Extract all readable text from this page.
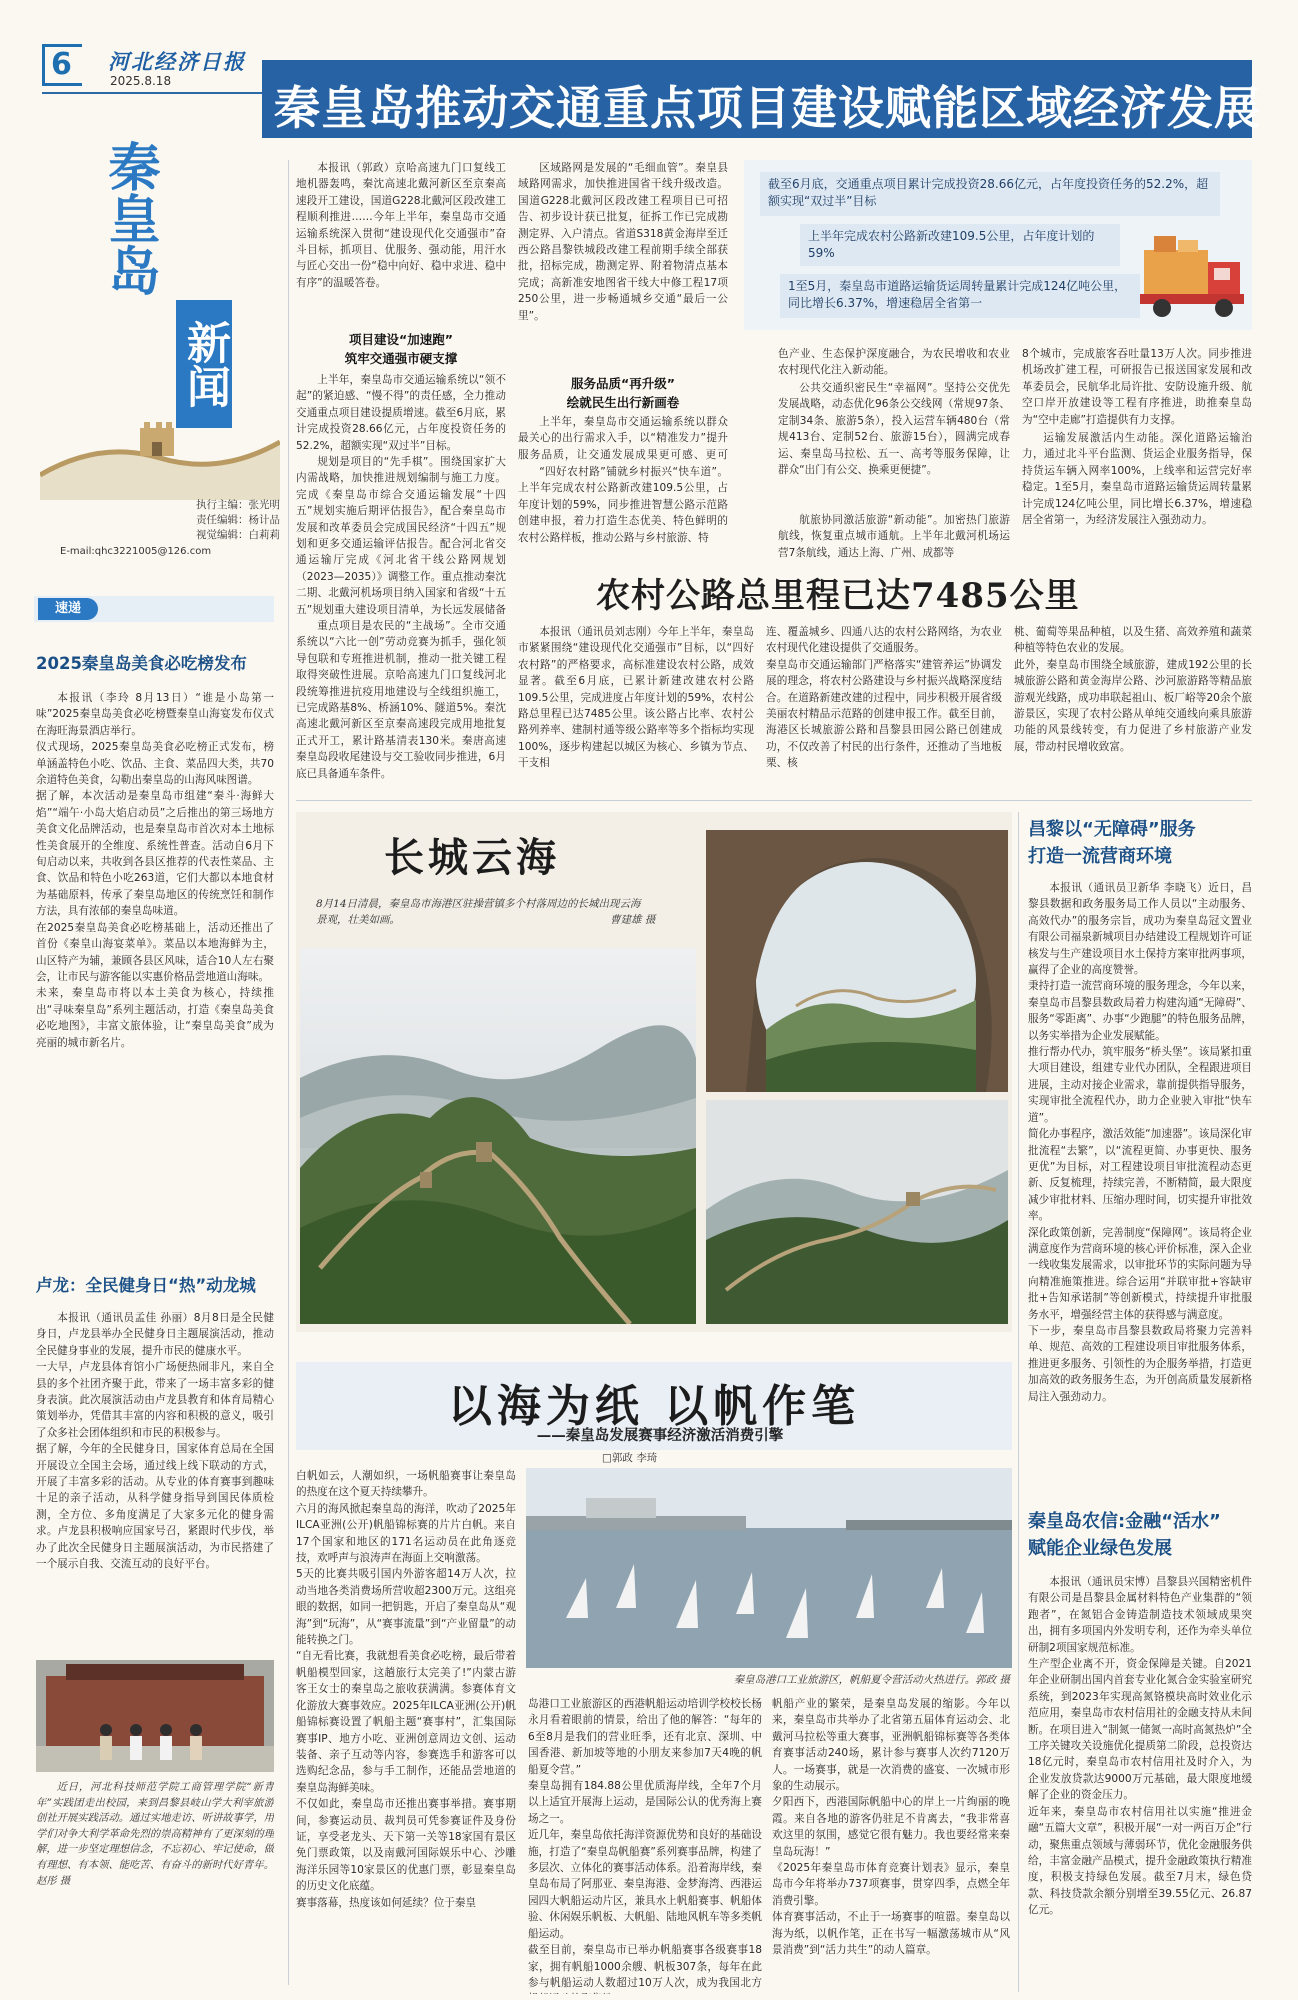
6	河北经济日报
2025.8.18 秦皇岛推动交通重点项目建设赋能区域经济发展
秦皇岛
新闻
执行主编：张光明
责任编辑：杨计品
视觉编辑：白莉莉
E-mail:qhc3221005@126.com
速递
2025秦皇岛美食必吃榜发布

本报讯（李玲 8月13日）“谁是小岛第一味”2025秦皇岛美食必吃榜暨秦皇山海宴发布仪式在海旺海景酒店举行。
仪式现场，2025秦皇岛美食必吃榜正式发布，榜单涵盖特色小吃、饮品、主食、菜品四大类，共70余道特色美食，勾勒出秦皇岛的山海风味图谱。
据了解，本次活动是秦皇岛市组建“秦斗·海鲜大焰”“端午·小岛大焰启动员”之后推出的第三场地方美食文化品牌活动，也是秦皇岛市首次对本土地标性美食展开的全维度、系统性普查。活动自6月下旬启动以来，共收到各县区推荐的代表性菜品、主食、饮品和特色小吃263道，它们大都以本地食材为基础原料，传承了秦皇岛地区的传统烹饪和制作方法，具有浓郁的秦皇岛味道。
在2025秦皇岛美食必吃榜基础上，活动还推出了首份《秦皇山海宴菜单》。菜品以本地海鲜为主，山区特产为辅，兼顾各县区风味，适合10人左右聚会，让市民与游客能以实惠价格品尝地道山海味。
未来，秦皇岛市将以本土美食为核心，持续推出“寻味秦皇岛”系列主题活动，打造《秦皇岛美食必吃地图》，丰富文旅体验，让“秦皇岛美食”成为亮丽的城市新名片。

卢龙：全民健身日“热”动龙城

本报讯（通讯员孟佳 孙丽）8月8日是全民健身日，卢龙县举办全民健身日主题展演活动，推动全民健身事业的发展，提升市民的健康水平。
一大早，卢龙县体育馆小广场便热闹非凡，来自全县的多个社团齐聚于此，带来了一场丰富多彩的健身表演。此次展演活动由卢龙县教育和体育局精心策划举办，凭借其丰富的内容和积极的意义，吸引了众多社会团体组织和市民的积极参与。
据了解，今年的全民健身日，国家体育总局在全国开展设立全国主会场，通过线上线下联动的方式，开展了丰富多彩的活动。从专业的体育赛事到趣味十足的亲子活动，从科学健身指导到国民体质检测，全方位、多角度满足了大家多元化的健身需求。卢龙县积极响应国家号召，紧跟时代步伐，举办了此次全民健身日主题展演活动，为市民搭建了一个展示自我、交流互动的良好平台。

近日，河北科技师范学院工商管理学院“新青年”实践团走出校园，来到昌黎县岐山学大利宰旅游创社开展实践活动。通过实地走访、听讲故事学，用学们对争大利学革命先烈的崇高精神有了更深刻的理解，进一步坚定理想信念，不忘初心、牢记使命，做有理想、有本领、能吃苦、有奋斗的新时代好青年。赵彤 摄

本报讯（郭政）京哈高速九门口复线工地机器轰鸣，秦沈高速北戴河新区至京秦高速段开工建设，国道G228北戴河区段改建工程顺利推进……今年上半年，秦皇岛市交通运输系统深入贯彻“建设现代化交通强市”奋斗目标，抓项目、优服务、强动能，用汗水与匠心交出一份“稳中向好、稳中求进、稳中有序”的温暖答卷。

项目建设“加速跑”
筑牢交通强市硬支撑

上半年，秦皇岛市交通运输系统以“领不起”的紧迫感、“慢不得”的责任感，全力推动交通重点项目建设提质增速。截至6月底，累计完成投资28.66亿元，占年度投资任务的52.2%，超额实现“双过半”目标。

规划是项目的“先手棋”。围绕国家扩大内需战略，加快推进规划编制与施工力度。完成《秦皇岛市综合交通运输发展“十四五”规划实施后期评估报告》，配合秦皇岛市发展和改革委员会完成国民经济“十四五”规划和更多交通运输评估报告。配合河北省交通运输厅完成《河北省干线公路网规划（2023—2035）》调整工作。重点推动秦沈二期、北戴河机场项目纳入国家和省级“十五五”规划重大建设项目清单，为长远发展储备

重点项目是农民的“主战场”。全市交通系统以“六比一创”劳动竞赛为抓手，强化领导包联和专班推进机制，推动一批关键工程取得突破性进展。京哈高速九门口复线河北段统筹推进抗疫用地建设与全线组织施工，已完成路基8%、桥涵10%、隧道5%。秦沈高速北戴河新区至京秦高速段完成用地批复正式开工，累计路基清表130米。秦唐高速秦皇岛段收尾建设与交工验收同步推进，6月底已具备通车条件。

区域路网是发展的“毛细血管”。秦皇县域路网需求，加快推进国省干线升级改造。国道G228北戴河区段改建工程项目已可招告、初步设计获已批复，征拆工作已完成勘测定界、入户清点。省道S318黄金海岸至迁西公路昌黎铁城段改建工程前期手续全部获批，招标完成，勘测定界、附着物清点基本完成；高新准安地图省干线大中修工程17项250公里，进一步畅通城乡交通“最后一公里”。

服务品质“再升级”
绘就民生出行新画卷

上半年，秦皇岛市交通运输系统以群众最关心的出行需求入手，以“精准发力”提升服务品质，让交通发展成果更可感、更可

“四好农村路”铺就乡村振兴“快车道”。上半年完成农村公路新改建109.5公里，占年度计划的59%，同步推进智慧公路示范路创建申报，着力打造生态优美、特色鲜明的农村公路样板，推动公路与乡村旅游、特

截至6月底，交通重点项目累计完成投资28.66亿元，占年度投资任务的52.2%，超额实现“双过半”目标
上半年完成农村公路新改建109.5公里，占年度计划的59%
1至5月，秦皇岛市道路运输货运周转量累计完成124亿吨公里，同比增长6.37%，增速稳居全省第一

色产业、生态保护深度融合，为农民增收和农业农村现代化注入新动能。

公共交通织密民生“幸福网”。坚持公交优先发展战略，动态优化96条公交线网（常规97条、定制34条、旅游5条），投入运营车辆480台（常规413台、定制52台、旅游15台），圆满完成春运、秦皇岛马拉松、五一、高考等服务保障，让群众“出门有公交、换乘更便捷”。

航旅协同激活旅游“新动能”。加密热门旅游航线，恢复重点城市通航。上半年北戴河机场运营7条航线，通达上海、广州、成都等

8个城市，完成旅客吞吐量13万人次。同步推进机场改扩建工程，可研报告已报送国家发展和改革委员会，民航华北局许批、安防设施升级、航空口岸开放建设等工程有序推进，助推秦皇岛为“空中走廊”打造提供有力支撑。

运输发展激活内生动能。深化道路运输治力，通过北斗平台监测、货运企业服务指导，保持货运车辆入网率100%，上线率和运营完好率稳定。1至5月，秦皇岛市道路运输货运周转量累计完成124亿吨公里，同比增长6.37%，增速稳居全省第一，为经济发展注入强劲动力。

农村公路总里程已达7485公里

本报讯（通讯员刘志刚）今年上半年，秦皇岛市紧紧围绕“建设现代化交通强市”目标，以“四好农村路”的严格要求，高标准建设农村公路，成效显著。截至6月底，已累计新建改建农村公路109.5公里，完成进度占年度计划的59%，农村公路总里程已达7485公里。该公路占比率、农村公路列养率、建制村通等级公路率等多个指标均实现100%，逐步构建起以城区为核心、乡镇为节点、干支相

连、覆盖城乡、四通八达的农村公路网络，为农业农村现代化建设提供了交通服务。
秦皇岛市交通运输部门严格落实“建管养运”协调发展的理念，将农村公路建设与乡村振兴战略深度结合。在道路新建改建的过程中，同步积极开展省级美丽农村精品示范路的创建申报工作。截至目前，海港区长城旅游公路和昌黎县田园公路已创建成功，不仅改善了村民的出行条件，还推动了当地板栗、核

桃、葡萄等果品种植，以及生猪、高效养殖和蔬菜种植等特色农业的发展。
此外，秦皇岛市围绕全域旅游，建成192公里的长城旅游公路和黄金海岸公路、沙河旅游路等精品旅游观光线路，成功串联起祖山、板厂峪等20余个旅游景区，实现了农村公路从单纯交通线向乘具旅游功能的风景线转变，有力促进了乡村旅游产业发展，带动村民增收致富。

长城云海

8月14日清晨，秦皇岛市海港区驻操营镇多个村落周边的长城出现云海景观，壮美如画。	曹建雄 摄
以海为纸 以帆作笔
——秦皇岛发展赛事经济激活消费引擎
□郭政 李琦
秦皇岛港口工业旅游区，帆船夏令营活动火热进行。郭政 摄

白帆如云，人潮如织，一场帆船赛事让秦皇岛的热度在这个夏天持续攀升。
六月的海风掀起秦皇岛的海洋，吹动了2025年ILCA亚洲(公开)帆船锦标赛的片片白帆。来自17个国家和地区的171名运动员在此角逐竞技，欢呼声与浪涛声在海面上交响激荡。
5天的比赛共吸引国内外游客超14万人次，拉动当地各类消费场所营收超2300万元。这组亮眼的数据，如同一把钥匙，开启了秦皇岛从“观海”到“玩海”，从“赛事流量”到“产业留量”的动能转换之门。
“自无看比赛，我就想看美食必吃榜，最后带着帆船模型回家，这趟旅行太完美了!”内蒙古游客王女士的秦皇岛之旅收获满满。参赛体育文化游放大赛事效应。2025年ILCA亚洲(公开)帆船锦标赛设置了帆船主题“赛事村”，汇集国际赛事IP、地方小吃、亚洲创意周边文创、运动装备、亲子互动等内容，参赛选手和游客可以选购纪念品，参与手工制作，还能品尝地道的秦皇岛海鲜美味。
不仅如此，秦皇岛市还推出赛事举措。赛事期间，参赛运动员、裁判员可凭参赛证件及身份证，享受老龙头、天下第一关等18家国有景区免门票政策，以及南戴河国际娱乐中心、沙雕海洋乐园等10家景区的优惠门票，彰显秦皇岛的历史文化底蕴。
赛事落幕，热度该如何延续？位于秦皇

岛港口工业旅游区的西港帆船运动培训学校校长杨永月看着眼前的情景，给出了他的解答：“每年的6至8月是我们的营业旺季，还有北京、深圳、中国香港、新加坡等地的小朋友来参加7天4晚的帆船夏令营。”
秦皇岛拥有184.88公里优质海岸线，全年7个月以上适宜开展海上运动，是国际公认的优秀海上赛场之一。
近几年，秦皇岛依托海洋资源优势和良好的基础设施，打造了“秦皇岛帆船赛”系列赛事品牌，构建了多层次、立体化的赛事活动体系。沿着海岸线，秦皇岛布局了阿那亚、秦皇海港、金梦海湾、西港运园四大帆船运动片区，兼具水上帆船赛事、帆船体验、休闲娱乐帆板、大帆船、陆地风帆车等多类帆船运动。
截至目前，秦皇岛市已举办帆船赛事各级赛事18家，拥有帆船1000余艘、帆板307条，每年在此参与帆船运动人数超过10万人次，成为我国北方

帆船产业的繁荣，是秦皇岛发展的缩影。今年以来，秦皇岛市共举办了北省第五届体育运动会、北戴河马拉松等重大赛事，亚洲帆船锦标赛等各类体育赛事活动240场，累计参与赛事人次约7120万人。一场赛事，就是一次消费的盛宴、一次城市形象的生动展示。
夕阳西下，西港国际帆船中心的岸上一片绚丽的晚霞。来自各地的游客仍驻足不肯离去，“我非常喜欢这里的氛围，感觉它很有魅力。我也要经常来秦皇岛玩海！”
《2025年秦皇岛市体育竞赛计划表》显示，秦皇岛市今年将举办737项赛事，贯穿四季，点燃全年消费引擎。
体育赛事活动，不止于一场赛事的喧嚣。秦皇岛以海为纸，以帆作笔，正在书写一幅激荡城市从“风景消费”到“活力共生”的动人篇章。

昌黎以“无障碍”服务
打造一流营商环境

本报讯（通讯员卫新华 李晓飞）近日，昌黎县数据和政务服务局工作人员以“主动服务、高效代办”的服务宗旨，成功为秦皇岛冠文置业有限公司福泉新城项目办结建设工程规划许可证核发与生产建设项目水土保持方案审批两事项，赢得了企业的高度赞誉。
秉持打造一流营商环境的服务理念，今年以来，秦皇岛市昌黎县数政局着力构建沟通“无障碍”、服务“零距离”、办事“少跑腿”的特色服务品牌，以务实举措为企业发展赋能。
推行帮办代办，筑牢服务“桥头堡”。该局紧扣重大项目建设，组建专业代办团队，全程跟进项目进展，主动对接企业需求，靠前提供指导服务，实现审批全流程代办，助力企业驶入审批“快车道”。
简化办事程序，激活效能“加速器”。该局深化审批流程“去繁”，以“流程更简、办事更快、服务更优”为目标，对工程建设项目审批流程动态更新、反复梳理，持续完善，不断精简，最大限度减少审批材料、压缩办理时间，切实提升审批效率。
深化政策创新，完善制度“保障网”。该局将企业满意度作为营商环境的核心评价标准，深入企业一线收集发展需求，以审批环节的实际问题为导向精准施策推进。综合运用“并联审批+容缺审批+告知承诺制”等创新模式，持续提升审批服务水平，增强经营主体的获得感与满意度。
下一步，秦皇岛市昌黎县数政局将聚力完善料单、规范、高效的工程建设项目审批服务体系，推进更多服务、引领性的为企服务举措，打造更加高效的政务服务生态，为开创高质量发展新格局注入强劲动力。

秦皇岛农信:金融“活水”
赋能企业绿色发展

本报讯（通讯员宋博）昌黎县兴国精密机件有限公司是昌黎县金属材料特色产业集群的“领跑者”，在氮铝合金铸造制造技术领域成果突出，拥有多项国内外发明专利，还作为牵头单位研制2项国家规范标准。
生产型企业离不开，资金保障是关键。自2021年企业研制出国内首套专业化氮合金实验室研究系统，到2023年实现高氮铬模块高时效业化示范应用，秦皇岛市农村信用社的金融支持从未间断。在项目进入“制氮一储氮一高时高氮热炉”全工序关键攻关设施优化提质第二阶段，总投资达18亿元时，秦皇岛市农村信用社及时介入，为企业发放贷款达9000万元基础，最大限度地缓解了企业的资金压力。
近年来，秦皇岛市农村信用社以实施“推进金融“五篇大文章”，积极开展“一对一两百万企”行动，聚焦重点领域与薄弱环节，优化金融服务供给，丰富金融产品模式，提升金融政策执行精准度，积极支持绿色发展。截至7月末，绿色贷款、科技贷款余额分别增至39.55亿元、26.87亿元。
